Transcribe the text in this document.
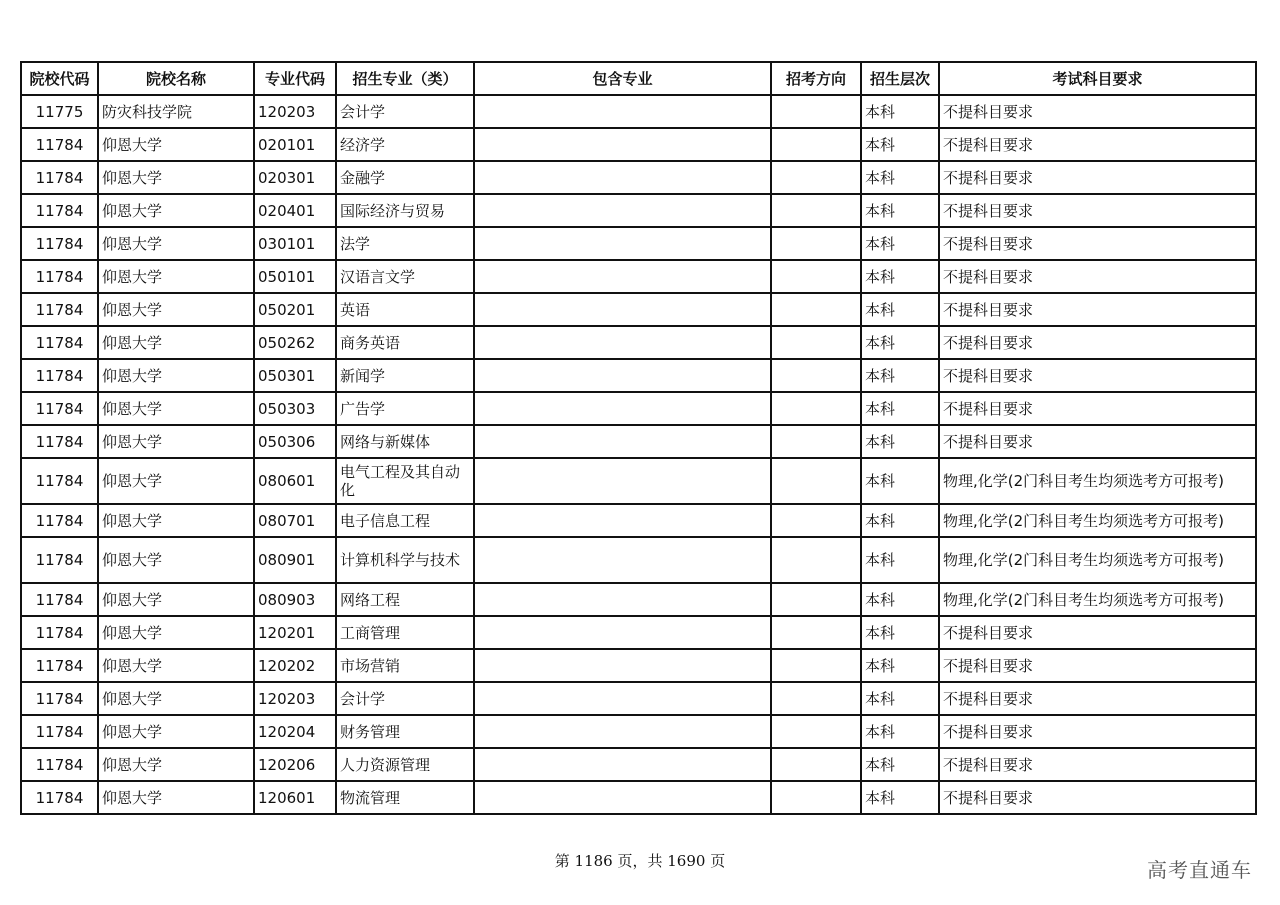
院校代码	院校名称	专业代码	招生专业（类）	包含专业	招考方向	招生层次	考试科目要求
11775	防灾科技学院	120203	会计学			本科	不提科目要求
11784	仰恩大学	020101	经济学			本科	不提科目要求
11784	仰恩大学	020301	金融学			本科	不提科目要求
11784	仰恩大学	020401	国际经济与贸易			本科	不提科目要求
11784	仰恩大学	030101	法学			本科	不提科目要求
11784	仰恩大学	050101	汉语言文学			本科	不提科目要求
11784	仰恩大学	050201	英语			本科	不提科目要求
11784	仰恩大学	050262	商务英语			本科	不提科目要求
11784	仰恩大学	050301	新闻学			本科	不提科目要求
11784	仰恩大学	050303	广告学			本科	不提科目要求
11784	仰恩大学	050306	网络与新媒体			本科	不提科目要求
11784	仰恩大学	080601	电气工程及其自动化			本科	物理,化学(2门科目考生均须选考方可报考)
11784	仰恩大学	080701	电子信息工程			本科	物理,化学(2门科目考生均须选考方可报考)
11784	仰恩大学	080901	计算机科学与技术			本科	物理,化学(2门科目考生均须选考方可报考)
11784	仰恩大学	080903	网络工程			本科	物理,化学(2门科目考生均须选考方可报考)
11784	仰恩大学	120201	工商管理			本科	不提科目要求
11784	仰恩大学	120202	市场营销			本科	不提科目要求
11784	仰恩大学	120203	会计学			本科	不提科目要求
11784	仰恩大学	120204	财务管理			本科	不提科目要求
11784	仰恩大学	120206	人力资源管理			本科	不提科目要求
11784	仰恩大学	120601	物流管理			本科	不提科目要求
第 1186 页，共 1690 页	高考直通车
